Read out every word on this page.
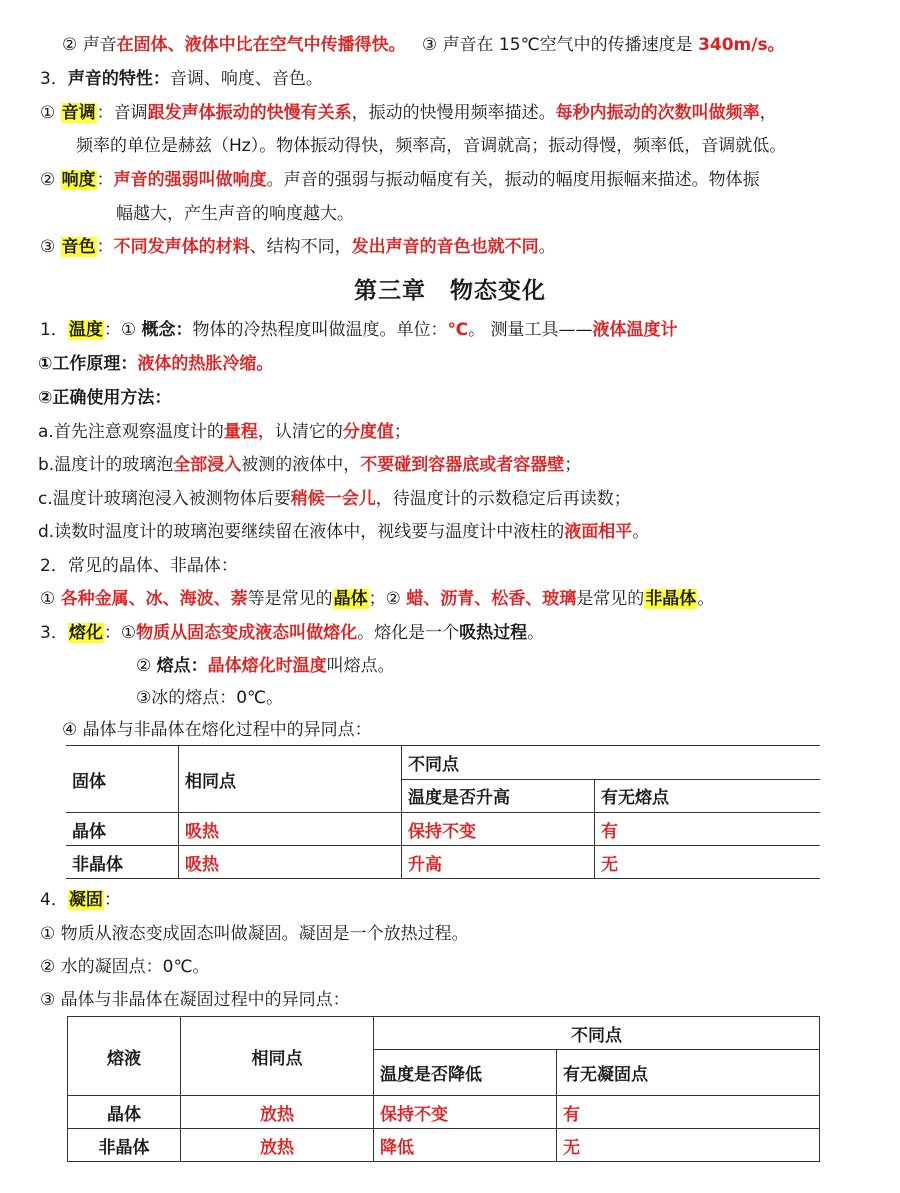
② 声音在固体、液体中比在空气中传播得快。 ③ 声音在 15℃空气中的传播速度是 340m/s。
3．声音的特性：音调、响度、音色。
① 音调：音调跟发声体振动的快慢有关系，振动的快慢用频率描述。每秒内振动的次数叫做频率，
频率的单位是赫兹（Hz）。物体振动得快，频率高，音调就高；振动得慢，频率低，音调就低。
② 响度：声音的强弱叫做响度。声音的强弱与振动幅度有关，振动的幅度用振幅来描述。物体振
幅越大，产生声音的响度越大。
③ 音色：不同发声体的材料、结构不同，发出声音的音色也就不同。
第三章　物态变化
1．温度：① 概念：物体的冷热程度叫做温度。单位：℃。 测量工具——液体温度计
①工作原理：液体的热胀冷缩。
②正确使用方法：
a.首先注意观察温度计的量程，认清它的分度值；
b.温度计的玻璃泡全部浸入被测的液体中，不要碰到容器底或者容器壁；
c.温度计玻璃泡浸入被测物体后要稍候一会儿，待温度计的示数稳定后再读数；
d.读数时温度计的玻璃泡要继续留在液体中，视线要与温度计中液柱的液面相平。
2．常见的晶体、非晶体：
① 各种金属、冰、海波、萘等是常见的晶体；② 蜡、沥青、松香、玻璃是常见的非晶体。
3．熔化：①物质从固态变成液态叫做熔化。熔化是一个吸热过程。
② 熔点：晶体熔化时温度叫熔点。
③冰的熔点：0℃。
④ 晶体与非晶体在熔化过程中的异同点：
固体	相同点	不同点	
		温度是否升高	有无熔点
晶体	吸热	保持不变	有
非晶体	吸热	升高	无
4．凝固：
① 物质从液态变成固态叫做凝固。凝固是一个放热过程。
② 水的凝固点：0℃。
③ 晶体与非晶体在凝固过程中的异同点：
熔液	相同点	不同点	
		温度是否降低	有无凝固点
晶体	放热	保持不变	有
非晶体	放热	降低	无
